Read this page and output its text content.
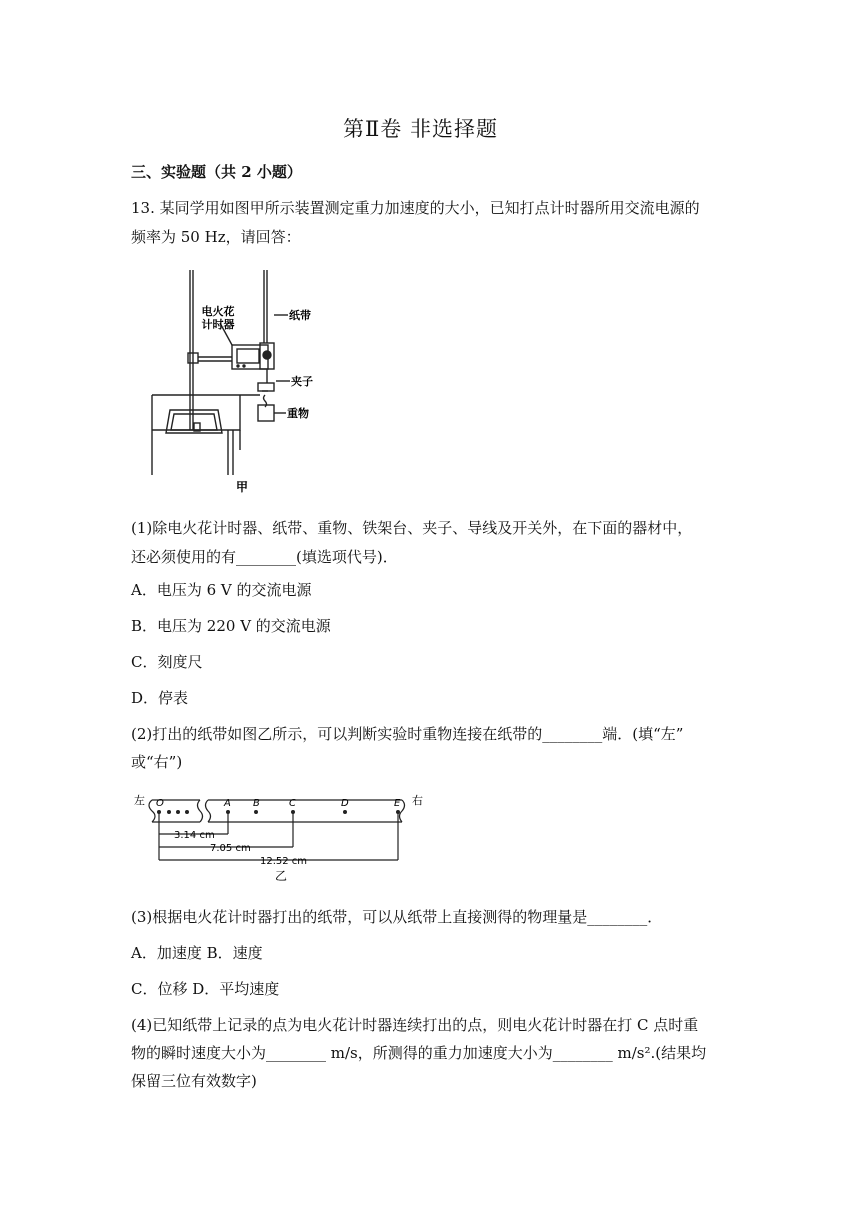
第Ⅱ卷 非选择题
三、实验题（共 2 小题）
13. 某同学用如图甲所示装置测定重力加速度的大小，已知打点计时器所用交流电源的
频率为 50 Hz，请回答：
电火花
计时器
纸带
夹子
重物
甲
(1)除电火花计时器、纸带、重物、铁架台、夹子、导线及开关外，在下面的器材中，
还必须使用的有________(填选项代号)．
A．电压为 6 V 的交流电源
B．电压为 220 V 的交流电源
C．刻度尺
D．停表
(2)打出的纸带如图乙所示，可以判断实验时重物连接在纸带的________端．(填“左”
或“右”)
O	A B	C	D	E
左	右
3.14 cm
7.05 cm
12.52 cm
乙
(3)根据电火花计时器打出的纸带，可以从纸带上直接测得的物理量是________．
A．加速度 B．速度
C．位移 D．平均速度
(4)已知纸带上记录的点为电火花计时器连续打出的点，则电火花计时器在打 C 点时重
物的瞬时速度大小为________ m/s，所测得的重力加速度大小为________ m/s².(结果均
保留三位有效数字)
